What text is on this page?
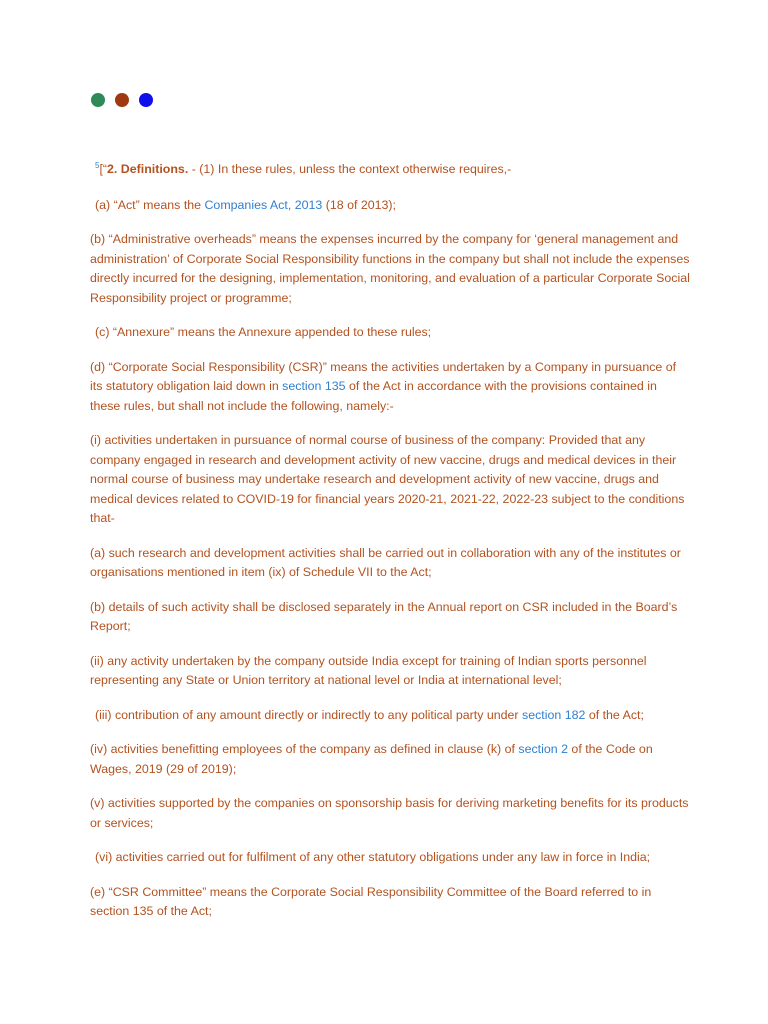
$^5$[“2. Definitions. - (1) In these rules, unless the context otherwise requires,-

(a) “Act” means the Companies Act, 2013 (18 of 2013);

(b) “Administrative overheads” means the expenses incurred by the company for ‘general management and administration’ of Corporate Social Responsibility functions in the company but shall not include the expenses directly incurred for the designing, implementation, monitoring, and evaluation of a particular Corporate Social Responsibility project or programme;

(c) “Annexure” means the Annexure appended to these rules;

(d) “Corporate Social Responsibility (CSR)” means the activities undertaken by a Company in pursuance of its statutory obligation laid down in section 135 of the Act in accordance with the provisions contained in these rules, but shall not include the following, namely:-

(i) activities undertaken in pursuance of normal course of business of the company: Provided that any company engaged in research and development activity of new vaccine, drugs and medical devices in their normal course of business may undertake research and development activity of new vaccine, drugs and medical devices related to COVID-19 for financial years 2020-21, 2021-22, 2022-23 subject to the conditions that-

(a) such research and development activities shall be carried out in collaboration with any of the institutes or organisations mentioned in item (ix) of Schedule VII to the Act;

(b) details of such activity shall be disclosed separately in the Annual report on CSR included in the Board’s Report;

(ii) any activity undertaken by the company outside India except for training of Indian sports personnel representing any State or Union territory at national level or India at international level;

(iii) contribution of any amount directly or indirectly to any political party under section 182 of the Act;

(iv) activities benefitting employees of the company as defined in clause (k) of section 2 of the Code on Wages, 2019 (29 of 2019);

(v) activities supported by the companies on sponsorship basis for deriving marketing benefits for its products or services;

(vi) activities carried out for fulfilment of any other statutory obligations under any law in force in India;

(e) “CSR Committee” means the Corporate Social Responsibility Committee of the Board referred to in section 135 of the Act;
